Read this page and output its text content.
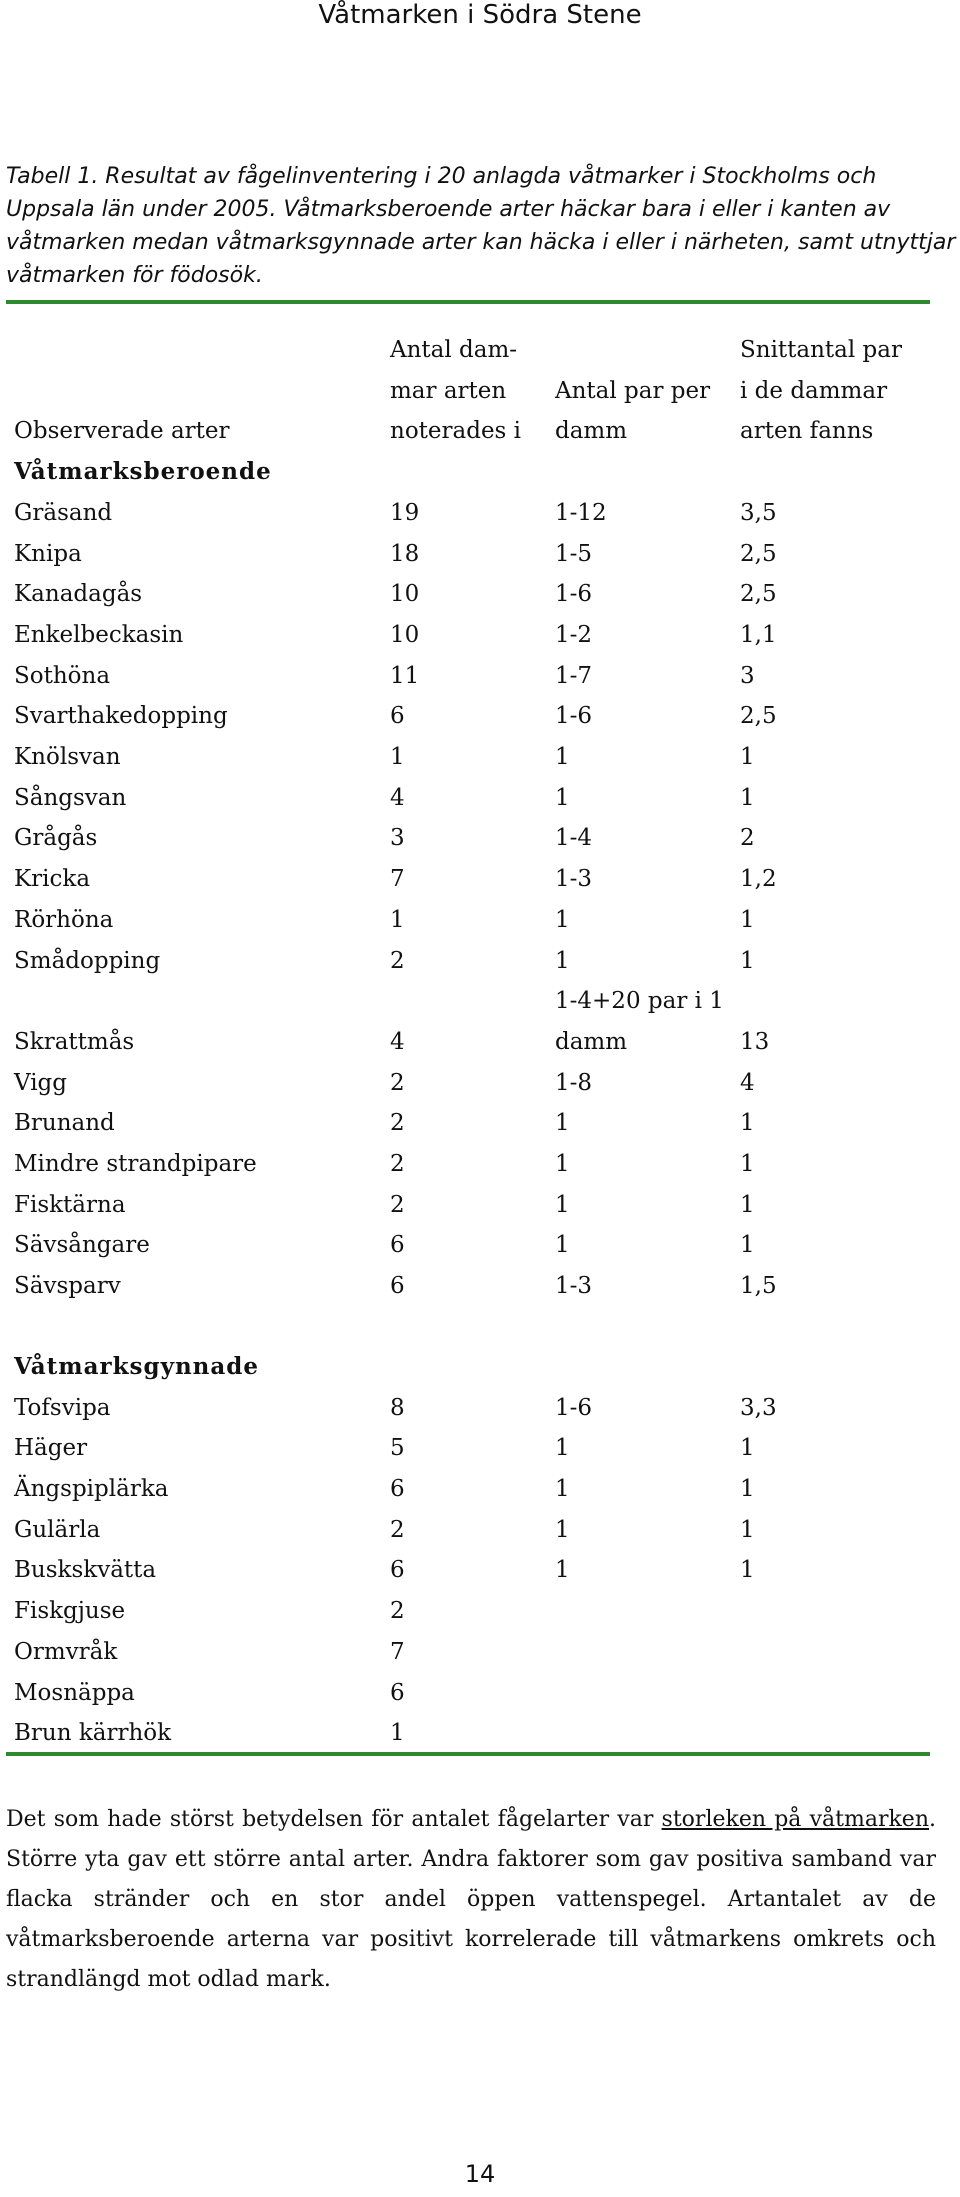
Våtmarken i Södra Stene
Tabell 1. Resultat av fågelinventering i 20 anlagda våtmarker i Stockholms och Uppsala län under 2005. Våtmarksberoende arter häckar bara i eller i kanten av våtmarken medan våtmarksgynnade arter kan häcka i eller i närheten, samt utnyttjar våtmarken för födosök.
	Antal dam-		Snittantal par
	mar arten	Antal par per	i de dammar
Observerade arter	noterades i	damm	arten fanns
Våtmarksberoende			
Gräsand	19	1-12	3,5
Knipa	18	1-5	2,5
Kanadagås	10	1-6	2,5
Enkelbeckasin	10	1-2	1,1
Sothöna	11	1-7	3
Svarthakedopping	6	1-6	2,5
Knölsvan	1	1	1
Sångsvan	4	1	1
Grågås	3	1-4	2
Kricka	7	1-3	1,2
Rörhöna	1	1	1
Smådopping	2	1	1
		1-4+20 par i 1	
Skrattmås	4	damm	13
Vigg	2	1-8	4
Brunand	2	1	1
Mindre strandpipare	2	1	1
Fisktärna	2	1	1
Sävsångare	6	1	1
Sävsparv	6	1-3	1,5

Våtmarksgynnade			
Tofsvipa	8	1-6	3,3
Häger	5	1	1
Ängspiplärka	6	1	1
Gulärla	2	1	1
Buskskvätta	6	1	1
Fiskgjuse	2		
Ormvråk	7		
Mosnäppa	6		
Brun kärrhök	1		
Det som hade störst betydelsen för antalet fågelarter var storleken på våtmarken. Större yta gav ett större antal arter. Andra faktorer som gav positiva samband var flacka stränder och en stor andel öppen vattenspegel. Artantalet av de våtmarksberoende arterna var positivt korrelerade till våtmarkens omkrets och strandlängd mot odlad mark.
14
